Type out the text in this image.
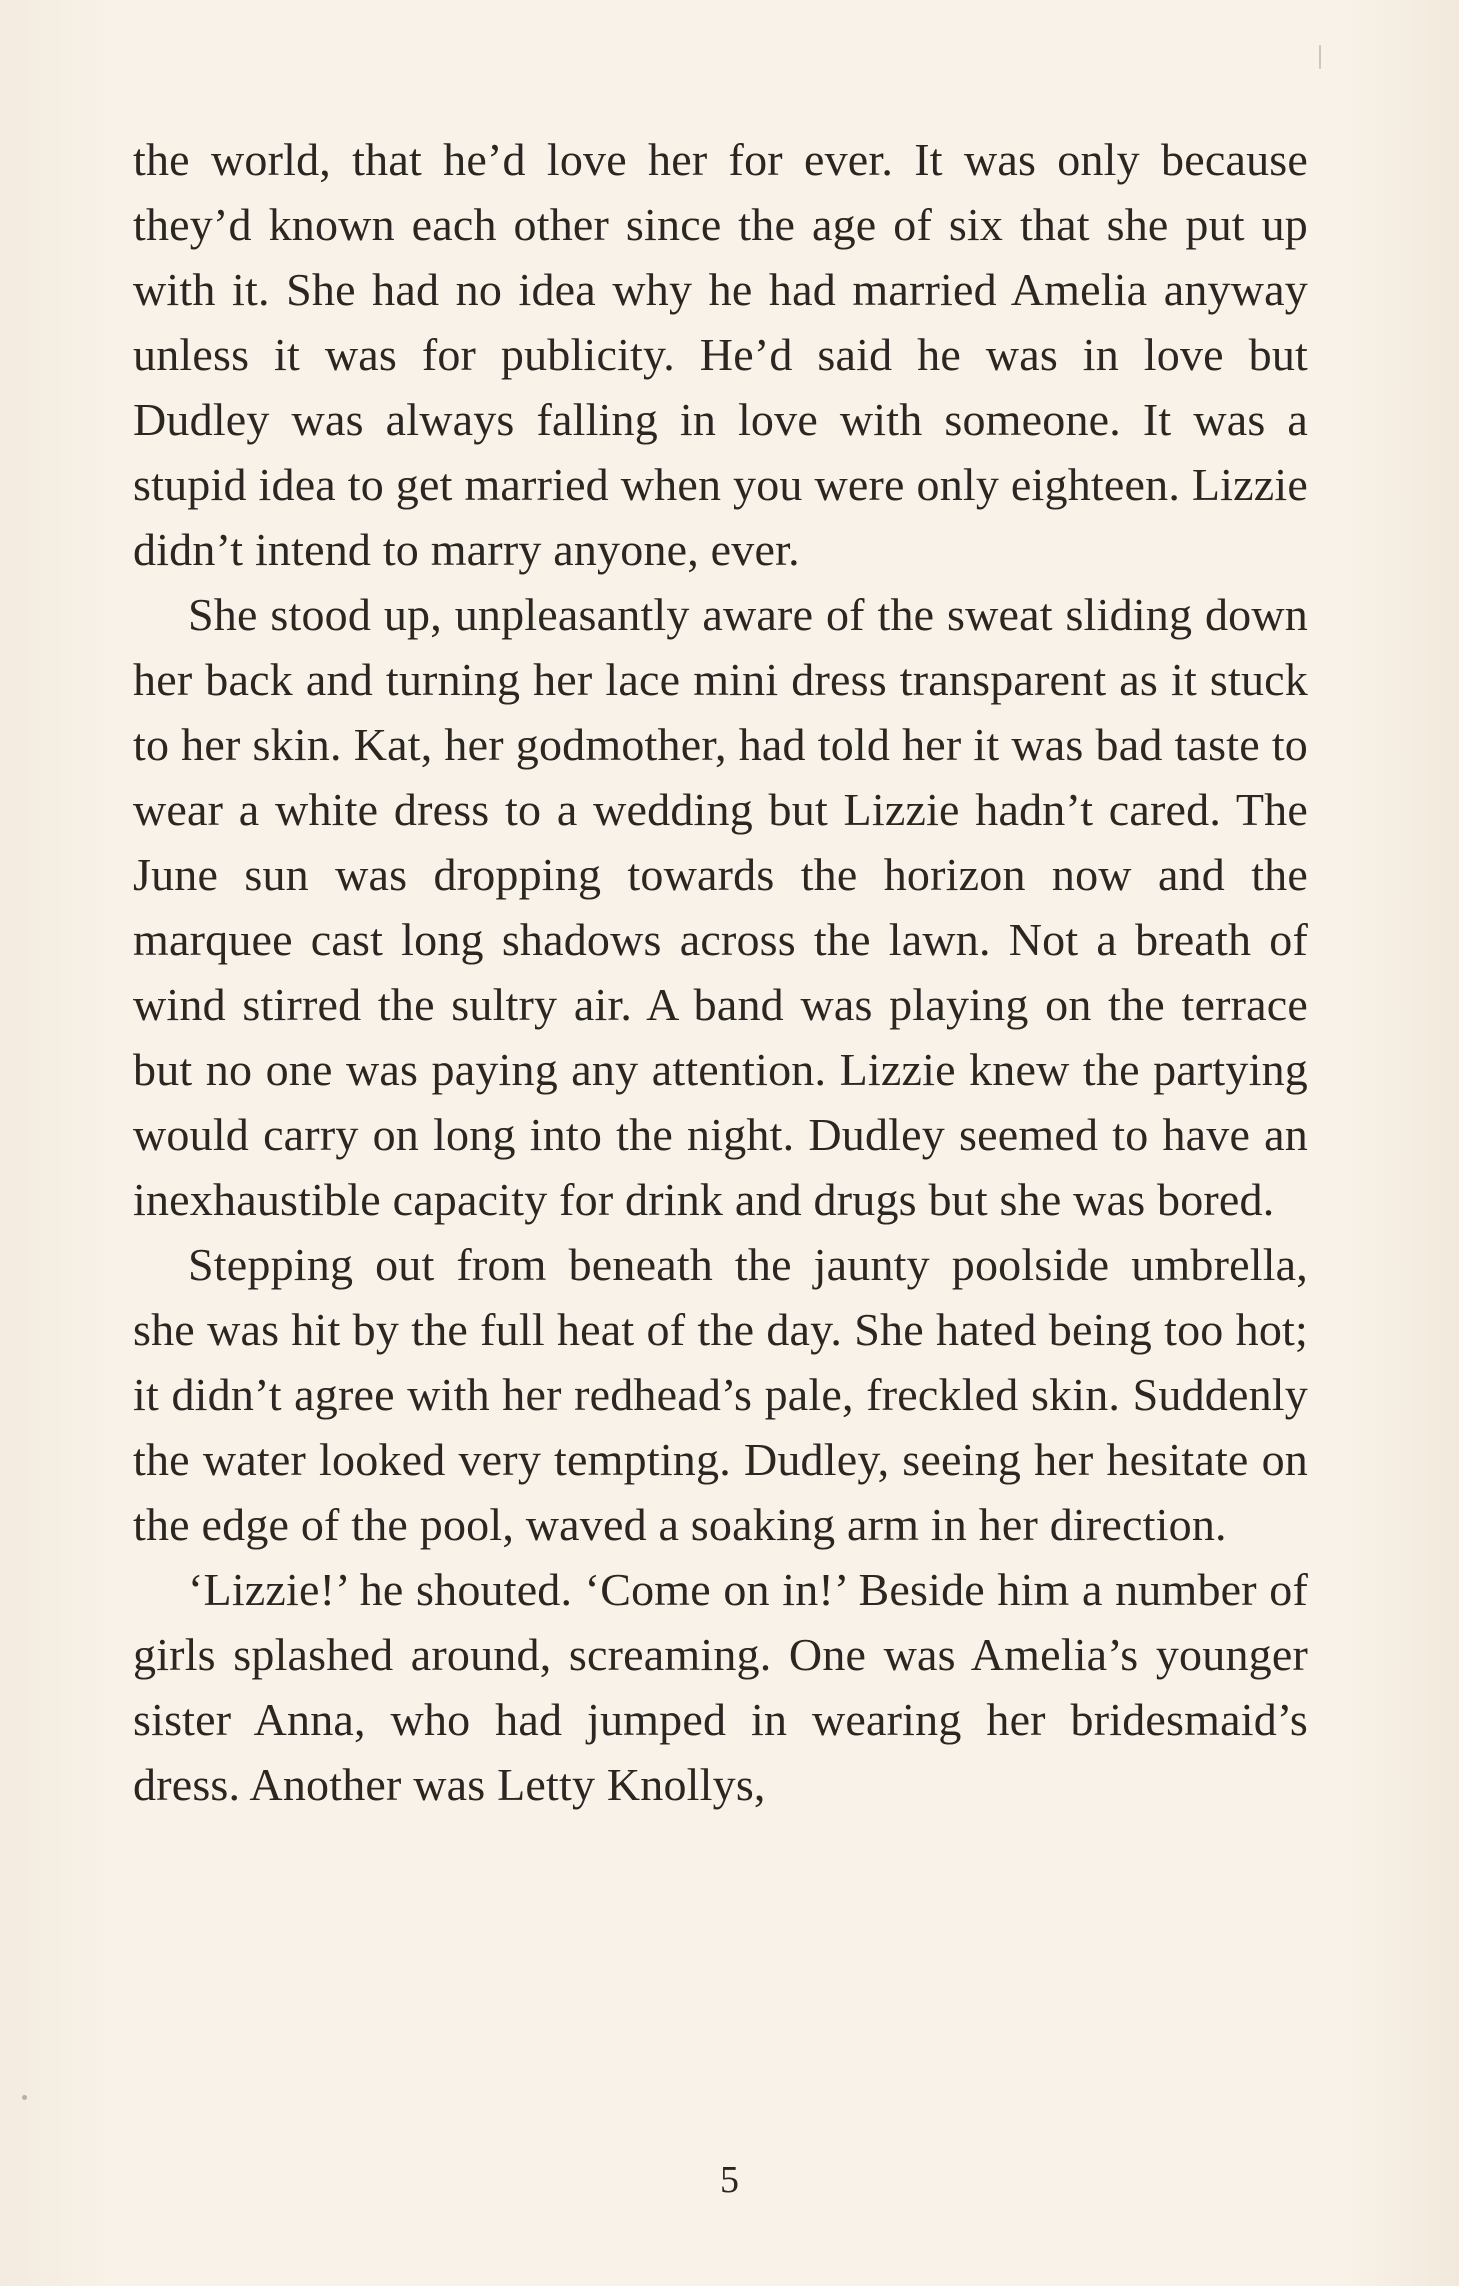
the world, that he’d love her for ever. It was only because they’d known each other since the age of six that she put up with it. She had no idea why he had married Amelia anyway unless it was for publicity. He’d said he was in love but Dudley was always falling in love with someone. It was a stupid idea to get married when you were only eighteen. Lizzie didn’t intend to marry anyone, ever.

She stood up, unpleasantly aware of the sweat sliding down her back and turning her lace mini dress transparent as it stuck to her skin. Kat, her godmother, had told her it was bad taste to wear a white dress to a wedding but Lizzie hadn’t cared. The June sun was dropping towards the horizon now and the marquee cast long shadows across the lawn. Not a breath of wind stirred the sultry air. A band was playing on the terrace but no one was paying any attention. Lizzie knew the partying would carry on long into the night. Dudley seemed to have an inexhaustible capacity for drink and drugs but she was bored.

Stepping out from beneath the jaunty poolside umbrella, she was hit by the full heat of the day. She hated being too hot; it didn’t agree with her redhead’s pale, freckled skin. Suddenly the water looked very tempting. Dudley, seeing her hesitate on the edge of the pool, waved a soaking arm in her direction.

‘Lizzie!’ he shouted. ‘Come on in!’ Beside him a number of girls splashed around, screaming. One was Amelia’s younger sister Anna, who had jumped in wearing her bridesmaid’s dress. Another was Letty Knollys,

5
